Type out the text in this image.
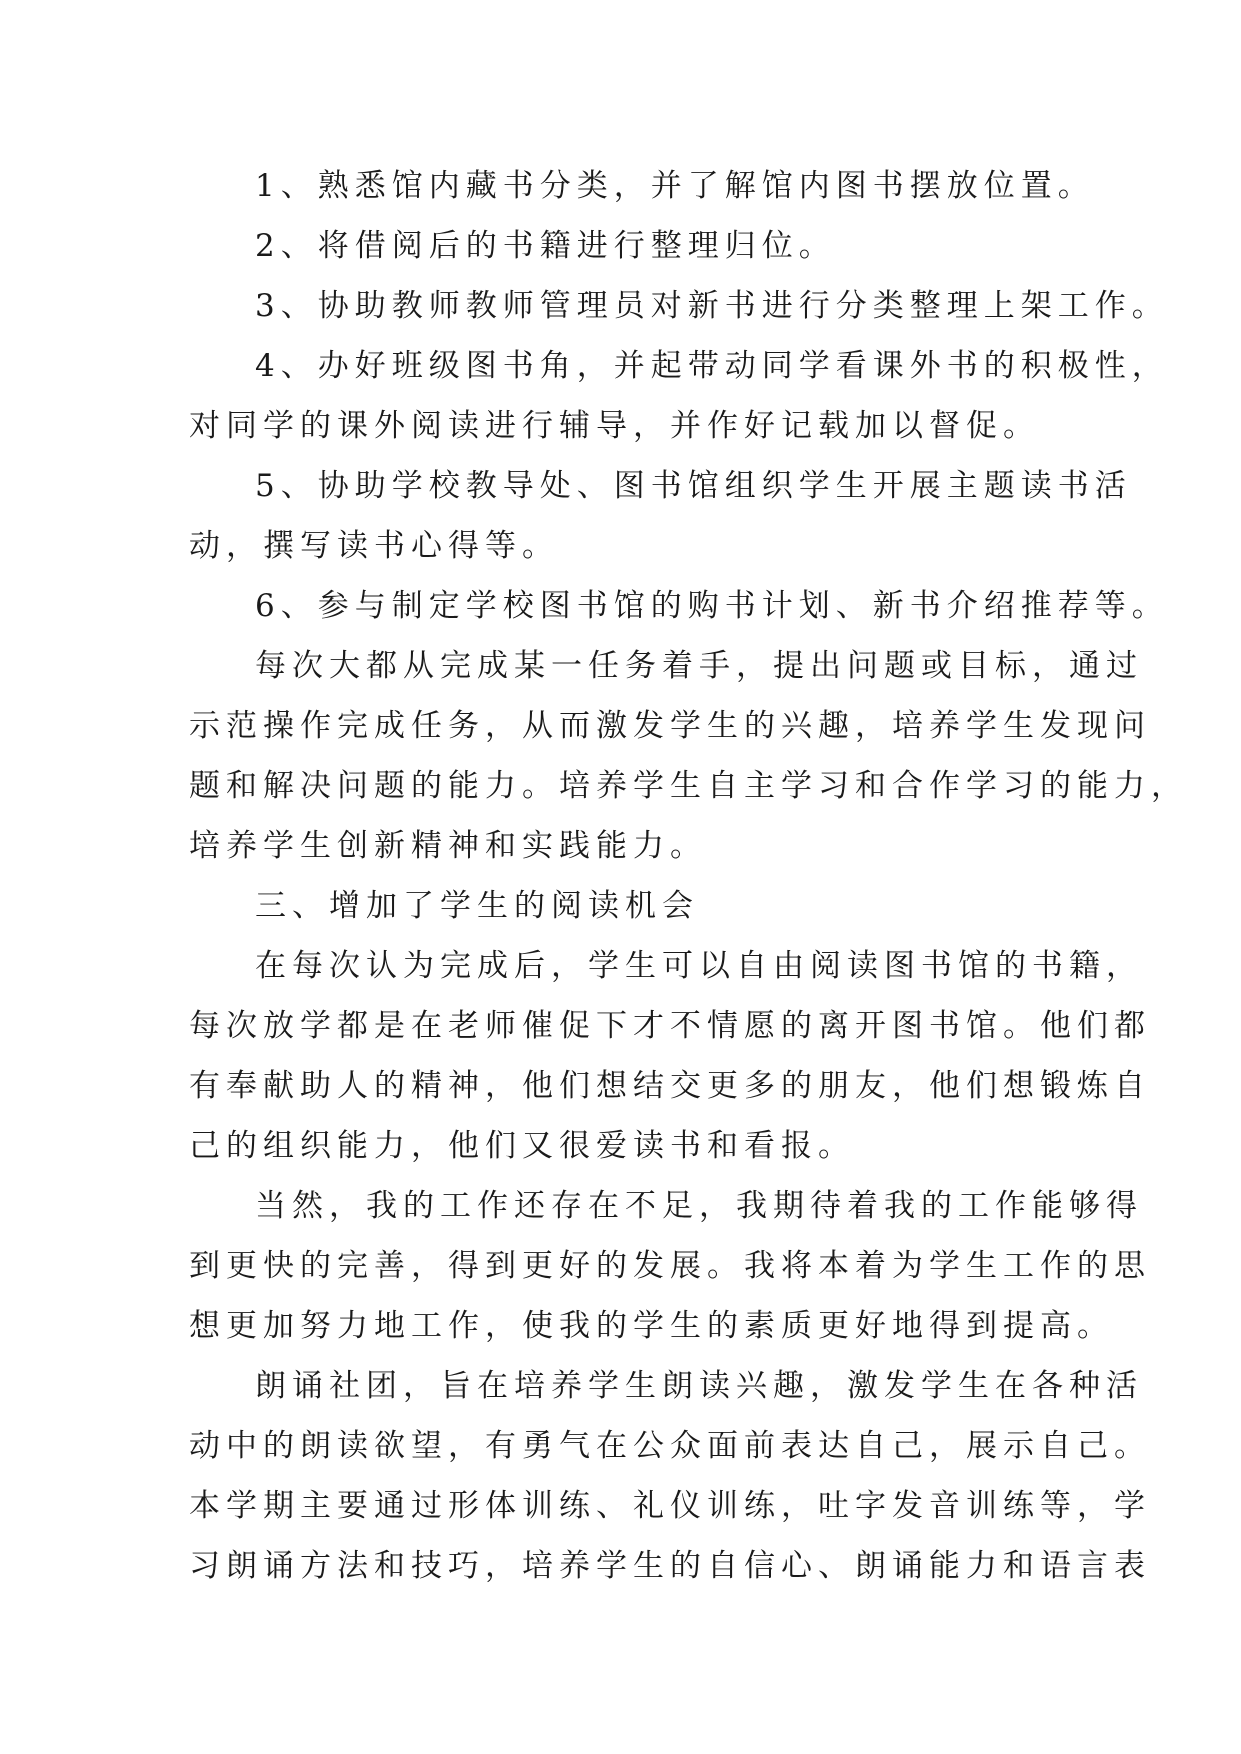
1、熟悉馆内藏书分类，并了解馆内图书摆放位置。
2、将借阅后的书籍进行整理归位。
3、协助教师教师管理员对新书进行分类整理上架工作。
4、办好班级图书角，并起带动同学看课外书的积极性，
对同学的课外阅读进行辅导，并作好记载加以督促。
5、协助学校教导处、图书馆组织学生开展主题读书活
动，撰写读书心得等。
6、参与制定学校图书馆的购书计划、新书介绍推荐等。
每次大都从完成某一任务着手，提出问题或目标，通过
示范操作完成任务，从而激发学生的兴趣，培养学生发现问
题和解决问题的能力。培养学生自主学习和合作学习的能力，
培养学生创新精神和实践能力。
三、增加了学生的阅读机会
在每次认为完成后，学生可以自由阅读图书馆的书籍，
每次放学都是在老师催促下才不情愿的离开图书馆。他们都
有奉献助人的精神，他们想结交更多的朋友，他们想锻炼自
己的组织能力，他们又很爱读书和看报。
当然，我的工作还存在不足，我期待着我的工作能够得
到更快的完善，得到更好的发展。我将本着为学生工作的思
想更加努力地工作，使我的学生的素质更好地得到提高。
朗诵社团，旨在培养学生朗读兴趣，激发学生在各种活
动中的朗读欲望，有勇气在公众面前表达自己，展示自己。
本学期主要通过形体训练、礼仪训练，吐字发音训练等，学
习朗诵方法和技巧，培养学生的自信心、朗诵能力和语言表
